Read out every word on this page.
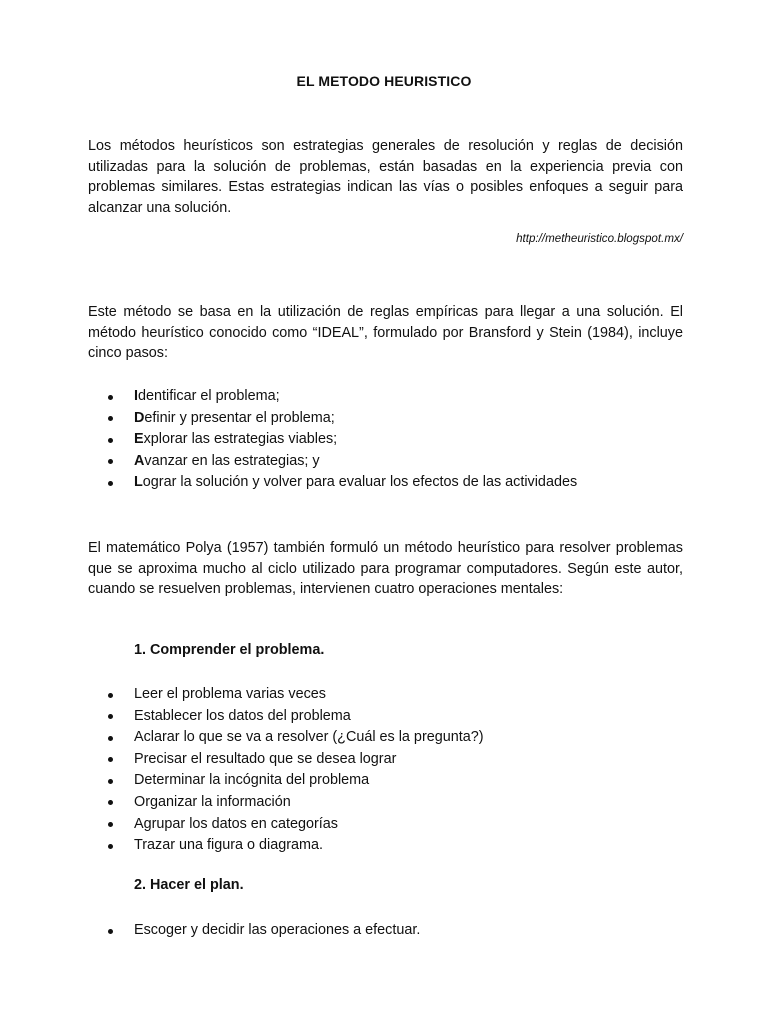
EL METODO HEURISTICO

Los métodos heurísticos son estrategias generales de resolución y reglas de decisión utilizadas para la solución de problemas, están basadas en la experiencia previa con problemas similares. Estas estrategias indican las vías o posibles enfoques a seguir para alcanzar una solución.

http://metheuristico.blogspot.mx/

Este método se basa en la utilización de reglas empíricas para llegar a una solución. El método heurístico conocido como “IDEAL”, formulado por Bransford y Stein (1984), incluye cinco pasos:

Identificar el problema;
Definir y presentar el problema;
Explorar las estrategias viables;
Avanzar en las estrategias; y
Lograr la solución y volver para evaluar los efectos de las actividades

El matemático Polya (1957) también formuló un método heurístico para resolver problemas que se aproxima mucho al ciclo utilizado para programar computadores. Según este autor, cuando se resuelven problemas, intervienen cuatro operaciones mentales:

1. Comprender el problema.
Leer el problema varias veces
Establecer los datos del problema
Aclarar lo que se va a resolver (¿Cuál es la pregunta?)
Precisar el resultado que se desea lograr
Determinar la incógnita del problema
Organizar la información
Agrupar los datos en categorías
Trazar una figura o diagrama.
2. Hacer el plan.
Escoger y decidir las operaciones a efectuar.
